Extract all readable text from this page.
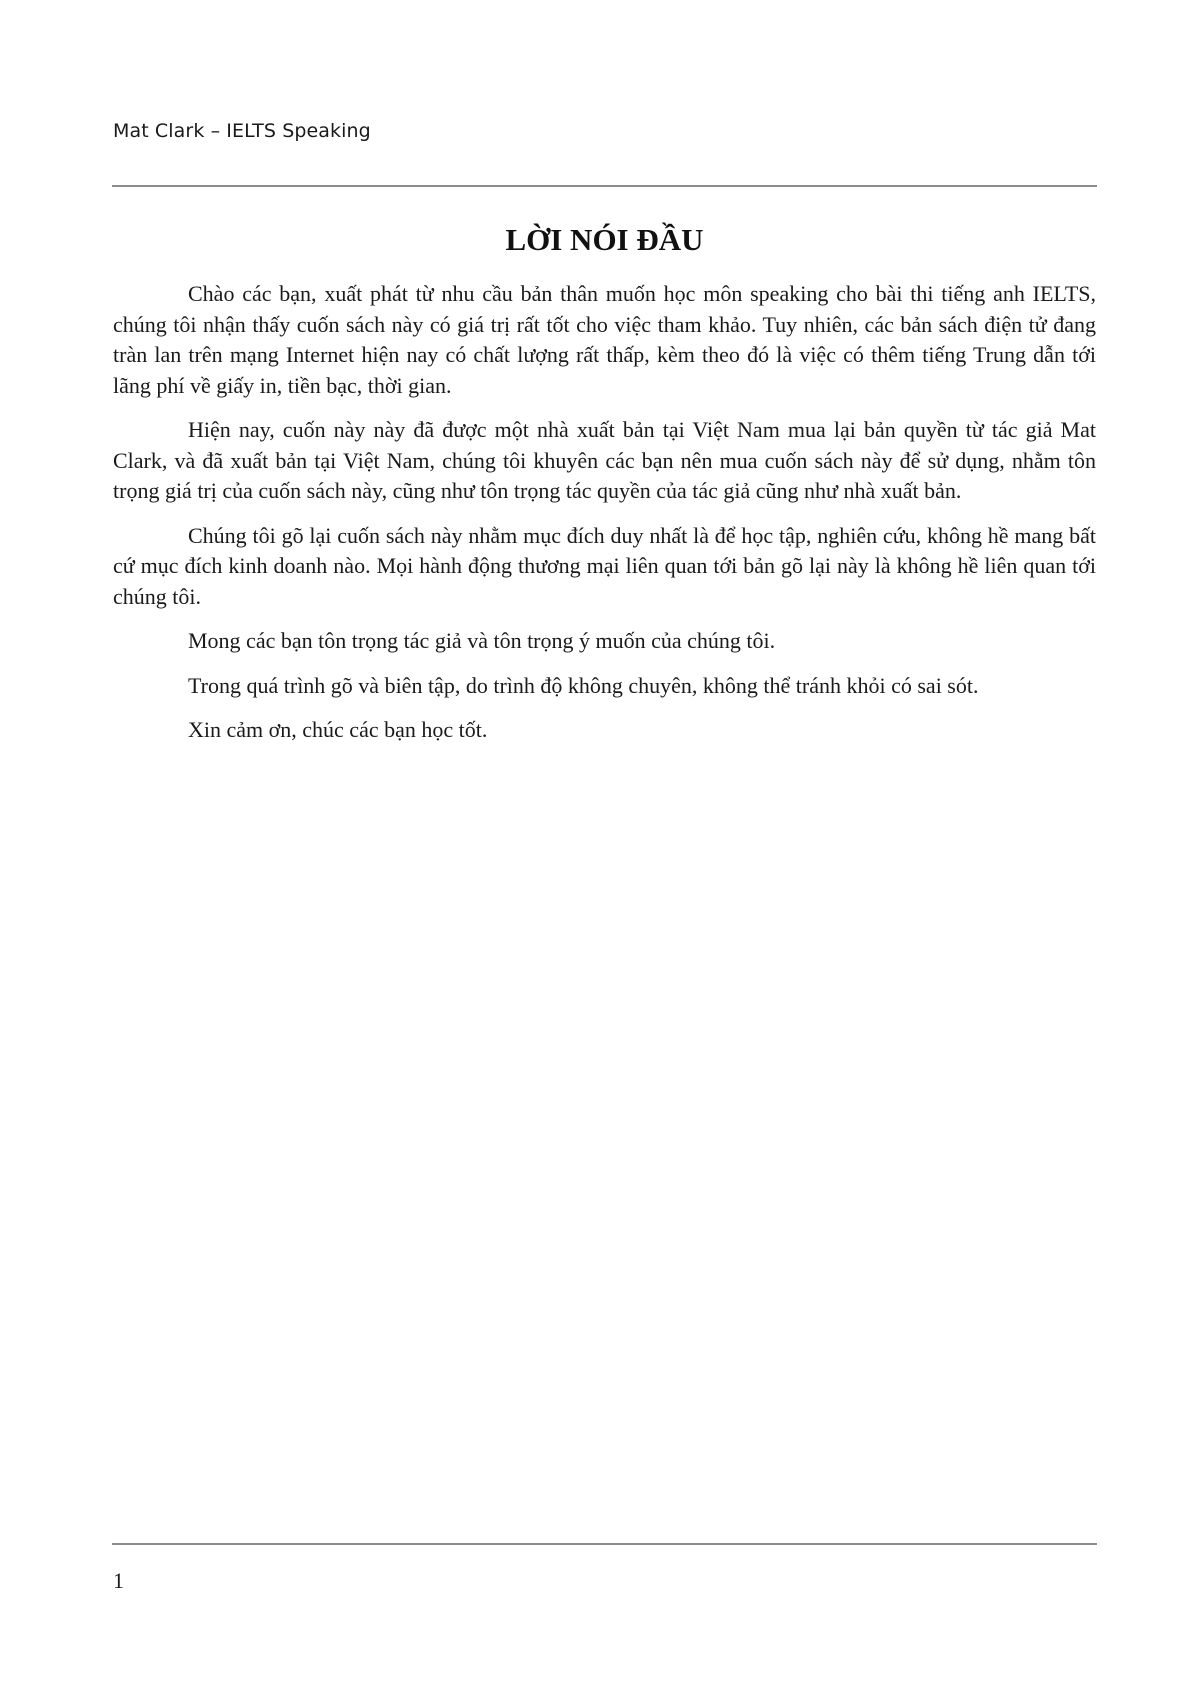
Mat Clark – IELTS Speaking
LỜI NÓI ĐẦU

Chào các bạn, xuất phát từ nhu cầu bản thân muốn học môn speaking cho bài thi tiếng anh IELTS, chúng tôi nhận thấy cuốn sách này có giá trị rất tốt cho việc tham khảo. Tuy nhiên, các bản sách điện tử đang tràn lan trên mạng Internet hiện nay có chất lượng rất thấp, kèm theo đó là việc có thêm tiếng Trung dẫn tới lãng phí về giấy in, tiền bạc, thời gian.

Hiện nay, cuốn này này đã được một nhà xuất bản tại Việt Nam mua lại bản quyền từ tác giả Mat Clark, và đã xuất bản tại Việt Nam, chúng tôi khuyên các bạn nên mua cuốn sách này để sử dụng, nhằm tôn trọng giá trị của cuốn sách này, cũng như tôn trọng tác quyền của tác giả cũng như nhà xuất bản.

Chúng tôi gõ lại cuốn sách này nhằm mục đích duy nhất là để học tập, nghiên cứu, không hề mang bất cứ mục đích kinh doanh nào. Mọi hành động thương mại liên quan tới bản gõ lại này là không hề liên quan tới chúng tôi.

Mong các bạn tôn trọng tác giả và tôn trọng ý muốn của chúng tôi.

Trong quá trình gõ và biên tập, do trình độ không chuyên, không thể tránh khỏi có sai sót.

Xin cảm ơn, chúc các bạn học tốt.

1
